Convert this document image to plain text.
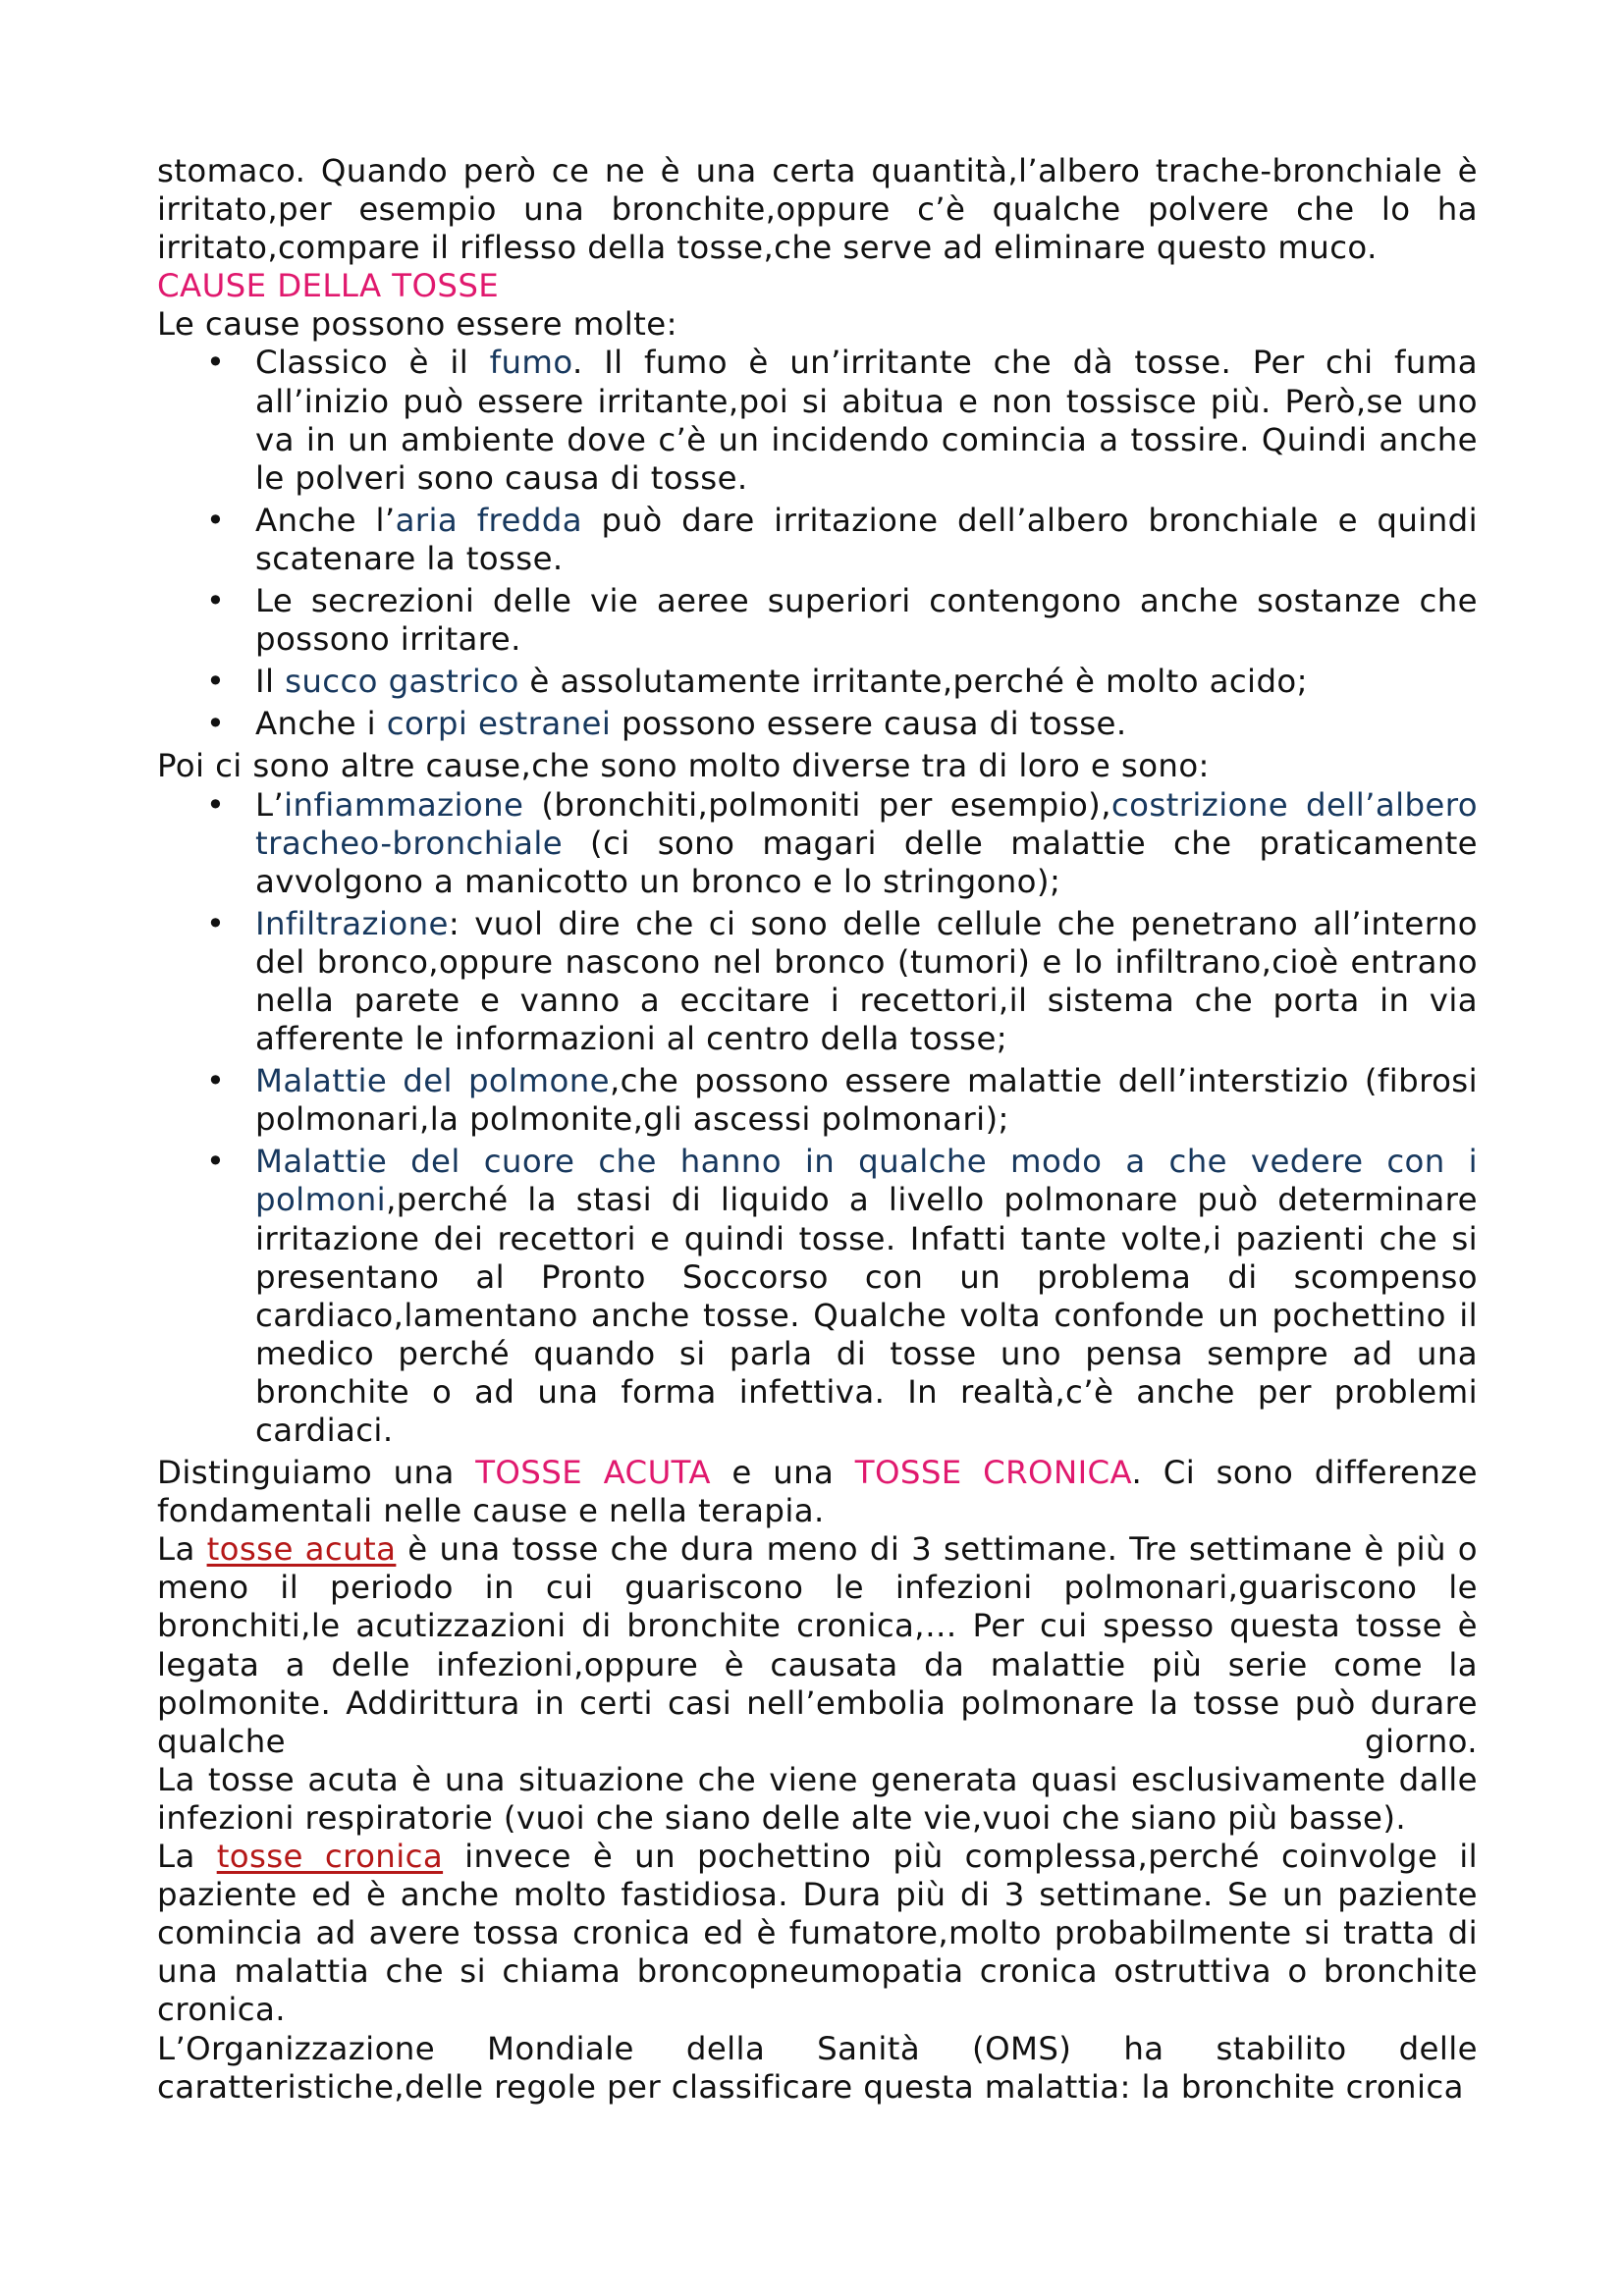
stomaco. Quando però ce ne è una certa quantità,l’albero trache-bronchiale è irritato,per esempio una bronchite,oppure c’è qualche polvere che lo ha irritato,compare il riflesso della tosse,che serve ad eliminare questo muco.

CAUSE DELLA TOSSE

Le cause possono essere molte:

• Classico è il fumo. Il fumo è un’irritante che dà tosse. Per chi fuma all’inizio può essere irritante,poi si abitua e non tossisce più. Però,se uno va in un ambiente dove c’è un incidendo comincia a tossire. Quindi anche le polveri sono causa di tosse.
• Anche l’aria fredda può dare irritazione dell’albero bronchiale e quindi scatenare la tosse.
• Le secrezioni delle vie aeree superiori contengono anche sostanze che possono irritare.
• Il succo gastrico è assolutamente irritante,perché è molto acido;
• Anche i corpi estranei possono essere causa di tosse.

Poi ci sono altre cause,che sono molto diverse tra di loro e sono:

• L’infiammazione (bronchiti,polmoniti per esempio),costrizione dell’albero tracheo-bronchiale (ci sono magari delle malattie che praticamente avvolgono a manicotto un bronco e lo stringono);
• Infiltrazione: vuol dire che ci sono delle cellule che penetrano all’interno del bronco,oppure nascono nel bronco (tumori) e lo infiltrano,cioè entrano nella parete e vanno a eccitare i recettori,il sistema che porta in via afferente le informazioni al centro della tosse;
• Malattie del polmone,che possono essere malattie dell’interstizio (fibrosi polmonari,la polmonite,gli ascessi polmonari);
• Malattie del cuore che hanno in qualche modo a che vedere con i polmoni,perché la stasi di liquido a livello polmonare può determinare irritazione dei recettori e quindi tosse. Infatti tante volte,i pazienti che si presentano al Pronto Soccorso con un problema di scompenso cardiaco,lamentano anche tosse. Qualche volta confonde un pochettino il medico perché quando si parla di tosse uno pensa sempre ad una bronchite o ad una forma infettiva. In realtà,c’è anche per problemi cardiaci.

Distinguiamo una TOSSE ACUTA e una TOSSE CRONICA. Ci sono differenze fondamentali nelle cause e nella terapia.

La tosse acuta è una tosse che dura meno di 3 settimane. Tre settimane è più o meno il periodo in cui guariscono le infezioni polmonari,guariscono le bronchiti,le acutizzazioni di bronchite cronica,… Per cui spesso questa tosse è legata a delle infezioni,oppure è causata da malattie più serie come la polmonite. Addirittura in certi casi nell’embolia polmonare la tosse può durare qualche giorno.

La tosse acuta è una situazione che viene generata quasi esclusivamente dalle infezioni respiratorie (vuoi che siano delle alte vie,vuoi che siano più basse).

La tosse cronica invece è un pochettino più complessa,perché coinvolge il paziente ed è anche molto fastidiosa. Dura più di 3 settimane. Se un paziente comincia ad avere tossa cronica ed è fumatore,molto probabilmente si tratta di una malattia che si chiama broncopneumopatia cronica ostruttiva o bronchite cronica.

L’Organizzazione Mondiale della Sanità (OMS) ha stabilito delle caratteristiche,delle regole per classificare questa malattia: la bronchite cronica
